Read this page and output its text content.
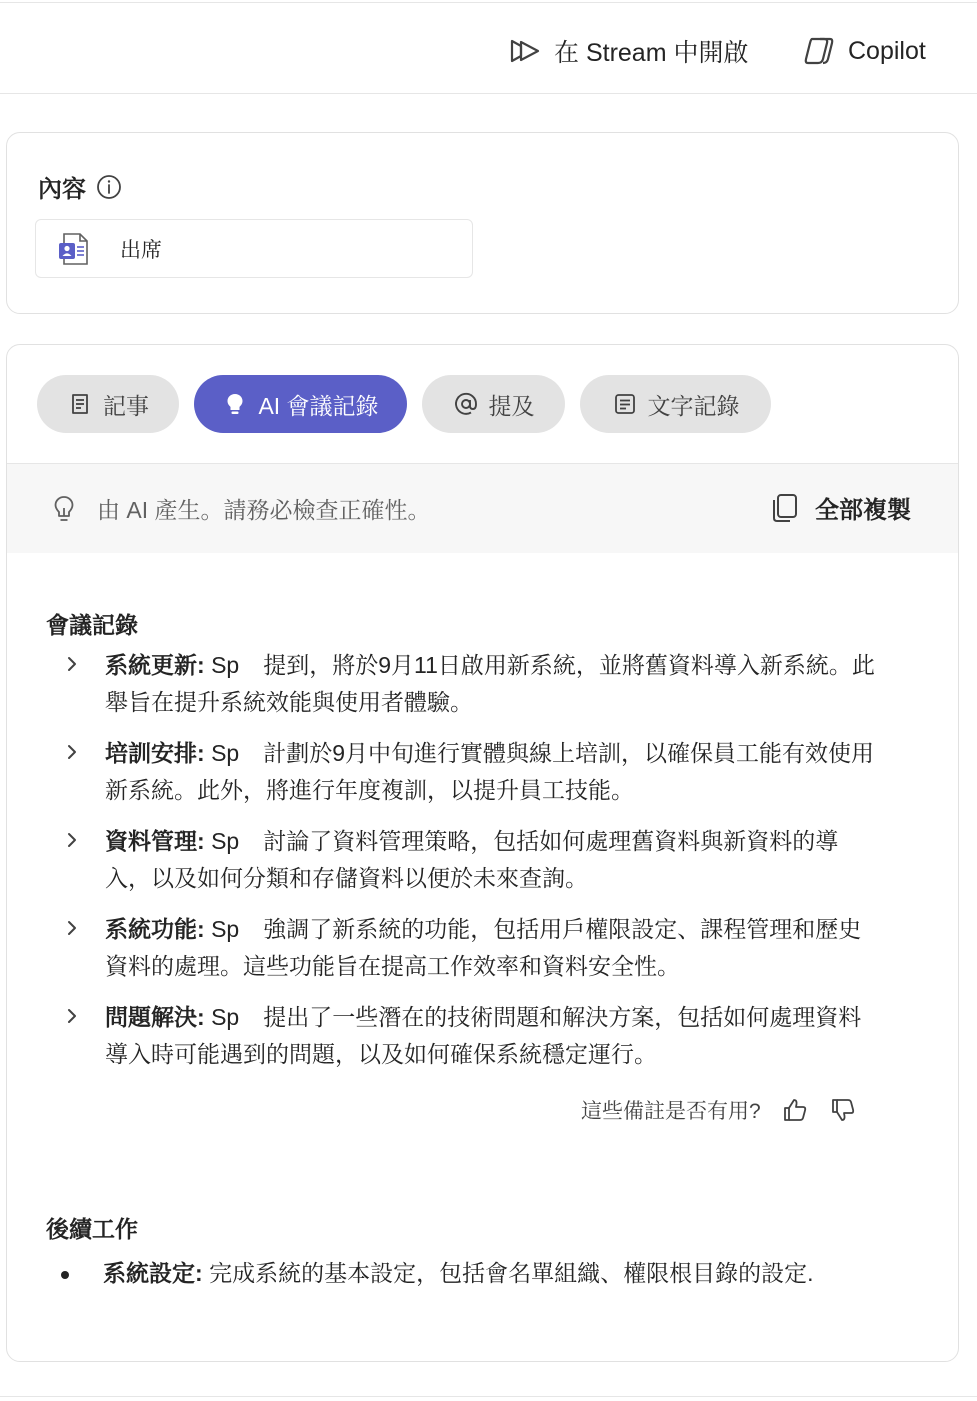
在 Stream 中開啟	Copilot
內容
出席
記事	AI 會議記錄	提及	文字記錄
由 AI 產生。請務必檢查正確性。	全部複製
會議記錄
系統更新: Sp 提到，將於9月11日啟用新系統，並將舊資料導入新系統。此舉旨在提升系統效能與使用者體驗。
培訓安排: Sp 計劃於9月中旬進行實體與線上培訓，以確保員工能有效使用新系統。此外，將進行年度複訓，以提升員工技能。
資料管理: Sp 討論了資料管理策略，包括如何處理舊資料與新資料的導入，以及如何分類和存儲資料以便於未來查詢。
系統功能: Sp 強調了新系統的功能，包括用戶權限設定、課程管理和歷史資料的處理。這些功能旨在提高工作效率和資料安全性。
問題解決: Sp 提出了一些潛在的技術問題和解決方案，包括如何處理資料導入時可能遇到的問題，以及如何確保系統穩定運行。
這些備註是否有用?
後續工作
系統設定: 完成系統的基本設定，包括會名單組織、權限根目錄的設定.
